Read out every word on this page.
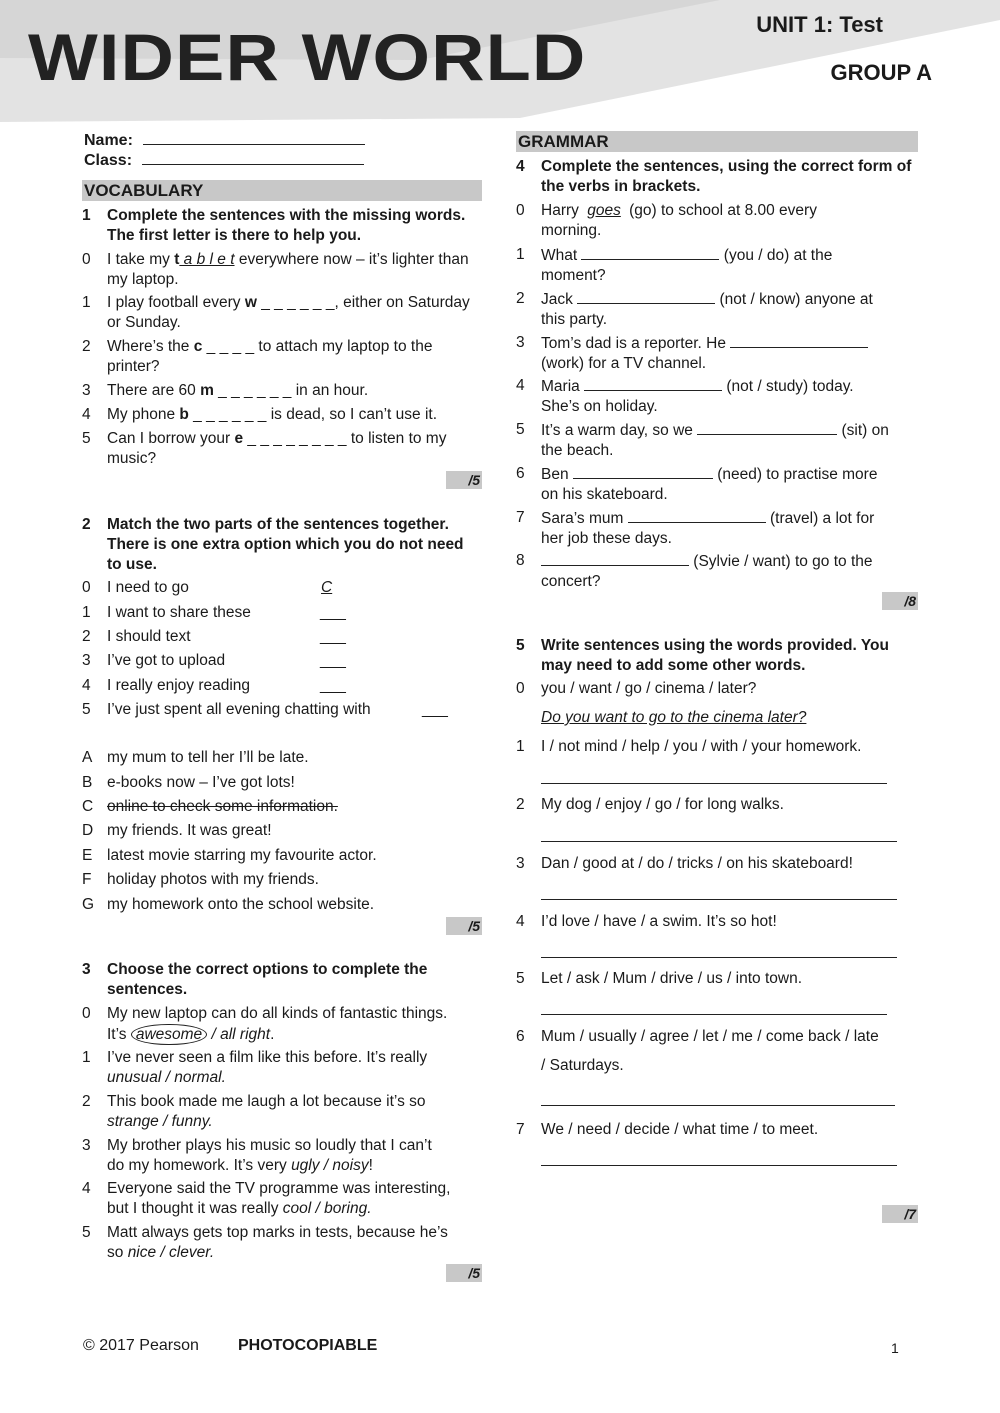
WIDER WORLD	UNIT 1: Test
GROUP A
Name:
Class:
VOCABULARY
1 Complete the sentences with the missing words. The first letter is there to help you.
0	I take my t a b l e t everywhere now – it’s lighter than my laptop.
1	I play football every w _ _ _ _ _ _, either on Saturday or Sunday.
2	Where’s the c _ _ _ _ to attach my laptop to the printer?
3	There are 60 m _ _ _ _ _ _ in an hour.
4	My phone b _ _ _ _ _ _ is dead, so I can’t use it.
5	Can I borrow your e _ _ _ _ _ _ _ _ to listen to my music?
/5
2 Match the two parts of the sentences together. There is one extra option which you do not need to use.
0	I need to go	C
1	I want to share these	___
2	I should text	___
3	I’ve got to upload	___
4	I really enjoy reading	___
5	I’ve just spent all evening chatting with	___
A my mum to tell her I’ll be late.
B e-books now – I’ve got lots!
C online to check some information.
D my friends. It was great!
E latest movie starring my favourite actor.
F	holiday photos with my friends.
G my homework onto the school website.
/5
3 Choose the correct options to complete the sentences.
0	My new laptop can do all kinds of fantastic things.
It’s awesome / all right.
1	I’ve never seen a film like this before. It’s really
unusual / normal.
2	This book made me laugh a lot because it’s so
strange / funny.
3	My brother plays his music so loudly that I can’t
do my homework. It’s very ugly / noisy!
4	Everyone said the TV programme was interesting,
but I thought it was really cool / boring.
5	Matt always gets top marks in tests, because he’s
so nice / clever.
/5
GRAMMAR
4 Complete the sentences, using the correct form of the verbs in brackets.
0	Harry goes (go) to school at 8.00 every
morning.
1	What	(you / do) at the
moment?
2	Jack	(not / know) anyone at
this party.
3	Tom’s dad is a reporter. He
(work) for a TV channel.
4	Maria	(not / study) today.
She’s on holiday.
5	It’s a warm day, so we	(sit) on
the beach.
6	Ben	(need) to practise more
on his skateboard.
7	Sara’s mum	(travel) a lot for
her job these days.
8	(Sylvie / want) to go to the
concert?
/8
5 Write sentences using the words provided. You may need to add some other words.
0	you / want / go / cinema / later?
Do you want to go to the cinema later?
1	I / not mind / help / you / with / your homework.
2	My dog / enjoy / go / for long walks.
3	Dan / good at / do / tricks / on his skateboard!
4	I’d love / have / a swim. It’s so hot!
5	Let / ask / Mum / drive / us / into town.
6	Mum / usually / agree / let / me / come back / late
/ Saturdays.
7	We / need / decide / what time / to meet.
/7
© 2017 Pearson PHOTOCOPIABLE	1
